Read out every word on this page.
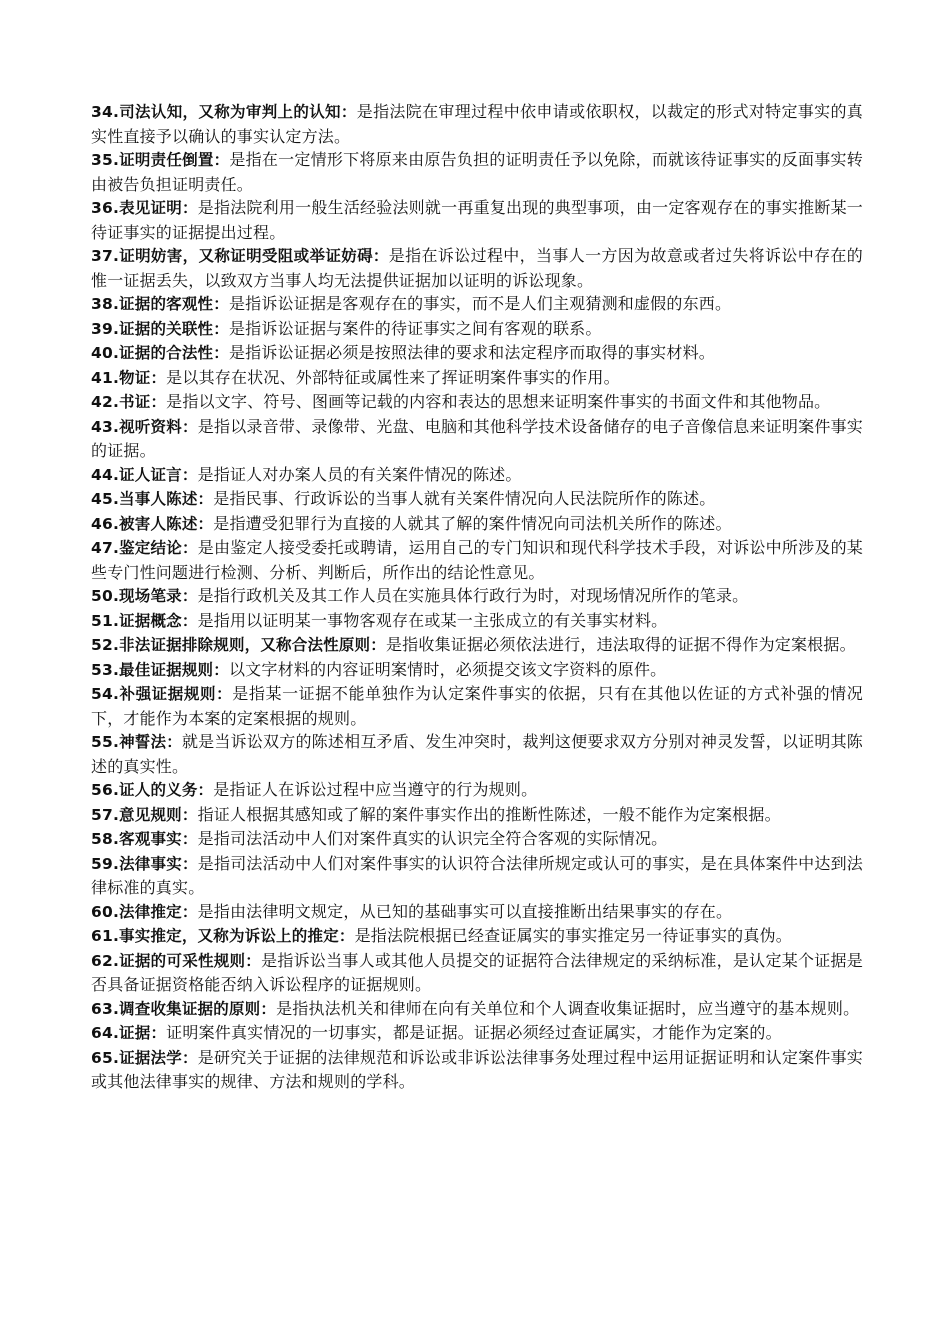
34.司法认知，又称为审判上的认知：是指法院在审理过程中依申请或依职权，以裁定的形式对特定事实的真实性直接予以确认的事实认定方法。

35.证明责任倒置：是指在一定情形下将原来由原告负担的证明责任予以免除，而就该待证事实的反面事实转由被告负担证明责任。

36.表见证明：是指法院利用一般生活经验法则就一再重复出现的典型事项，由一定客观存在的事实推断某一待证事实的证据提出过程。

37.证明妨害，又称证明受阻或举证妨碍：是指在诉讼过程中，当事人一方因为故意或者过失将诉讼中存在的惟一证据丢失，以致双方当事人均无法提供证据加以证明的诉讼现象。

38.证据的客观性：是指诉讼证据是客观存在的事实，而不是人们主观猜测和虚假的东西。

39.证据的关联性：是指诉讼证据与案件的待证事实之间有客观的联系。

40.证据的合法性：是指诉讼证据必须是按照法律的要求和法定程序而取得的事实材料。

41.物证：是以其存在状况、外部特征或属性来了挥证明案件事实的作用。

42.书证：是指以文字、符号、图画等记载的内容和表达的思想来证明案件事实的书面文件和其他物品。

43.视听资料：是指以录音带、录像带、光盘、电脑和其他科学技术设备储存的电子音像信息来证明案件事实的证据。

44.证人证言：是指证人对办案人员的有关案件情况的陈述。

45.当事人陈述：是指民事、行政诉讼的当事人就有关案件情况向人民法院所作的陈述。

46.被害人陈述：是指遭受犯罪行为直接的人就其了解的案件情况向司法机关所作的陈述。

47.鉴定结论：是由鉴定人接受委托或聘请，运用自己的专门知识和现代科学技术手段，对诉讼中所涉及的某些专门性问题进行检测、分析、判断后，所作出的结论性意见。

50.现场笔录：是指行政机关及其工作人员在实施具体行政行为时，对现场情况所作的笔录。

51.证据概念：是指用以证明某一事物客观存在或某一主张成立的有关事实材料。

52.非法证据排除规则，又称合法性原则：是指收集证据必须依法进行，违法取得的证据不得作为定案根据。

53.最佳证据规则：以文字材料的内容证明案情时，必须提交该文字资料的原件。

54.补强证据规则：是指某一证据不能单独作为认定案件事实的依据，只有在其他以佐证的方式补强的情况下，才能作为本案的定案根据的规则。

55.神誓法：就是当诉讼双方的陈述相互矛盾、发生冲突时，裁判这便要求双方分别对神灵发誓，以证明其陈述的真实性。

56.证人的义务：是指证人在诉讼过程中应当遵守的行为规则。

57.意见规则：指证人根据其感知或了解的案件事实作出的推断性陈述，一般不能作为定案根据。

58.客观事实：是指司法活动中人们对案件真实的认识完全符合客观的实际情况。

59.法律事实：是指司法活动中人们对案件事实的认识符合法律所规定或认可的事实，是在具体案件中达到法律标准的真实。

60.法律推定：是指由法律明文规定，从已知的基础事实可以直接推断出结果事实的存在。

61.事实推定，又称为诉讼上的推定：是指法院根据已经查证属实的事实推定另一待证事实的真伪。

62.证据的可采性规则：是指诉讼当事人或其他人员提交的证据符合法律规定的采纳标准，是认定某个证据是否具备证据资格能否纳入诉讼程序的证据规则。

63.调查收集证据的原则：是指执法机关和律师在向有关单位和个人调查收集证据时，应当遵守的基本规则。

64.证据：证明案件真实情况的一切事实，都是证据。证据必须经过查证属实，才能作为定案的。

65.证据法学：是研究关于证据的法律规范和诉讼或非诉讼法律事务处理过程中运用证据证明和认定案件事实或其他法律事实的规律、方法和规则的学科。
